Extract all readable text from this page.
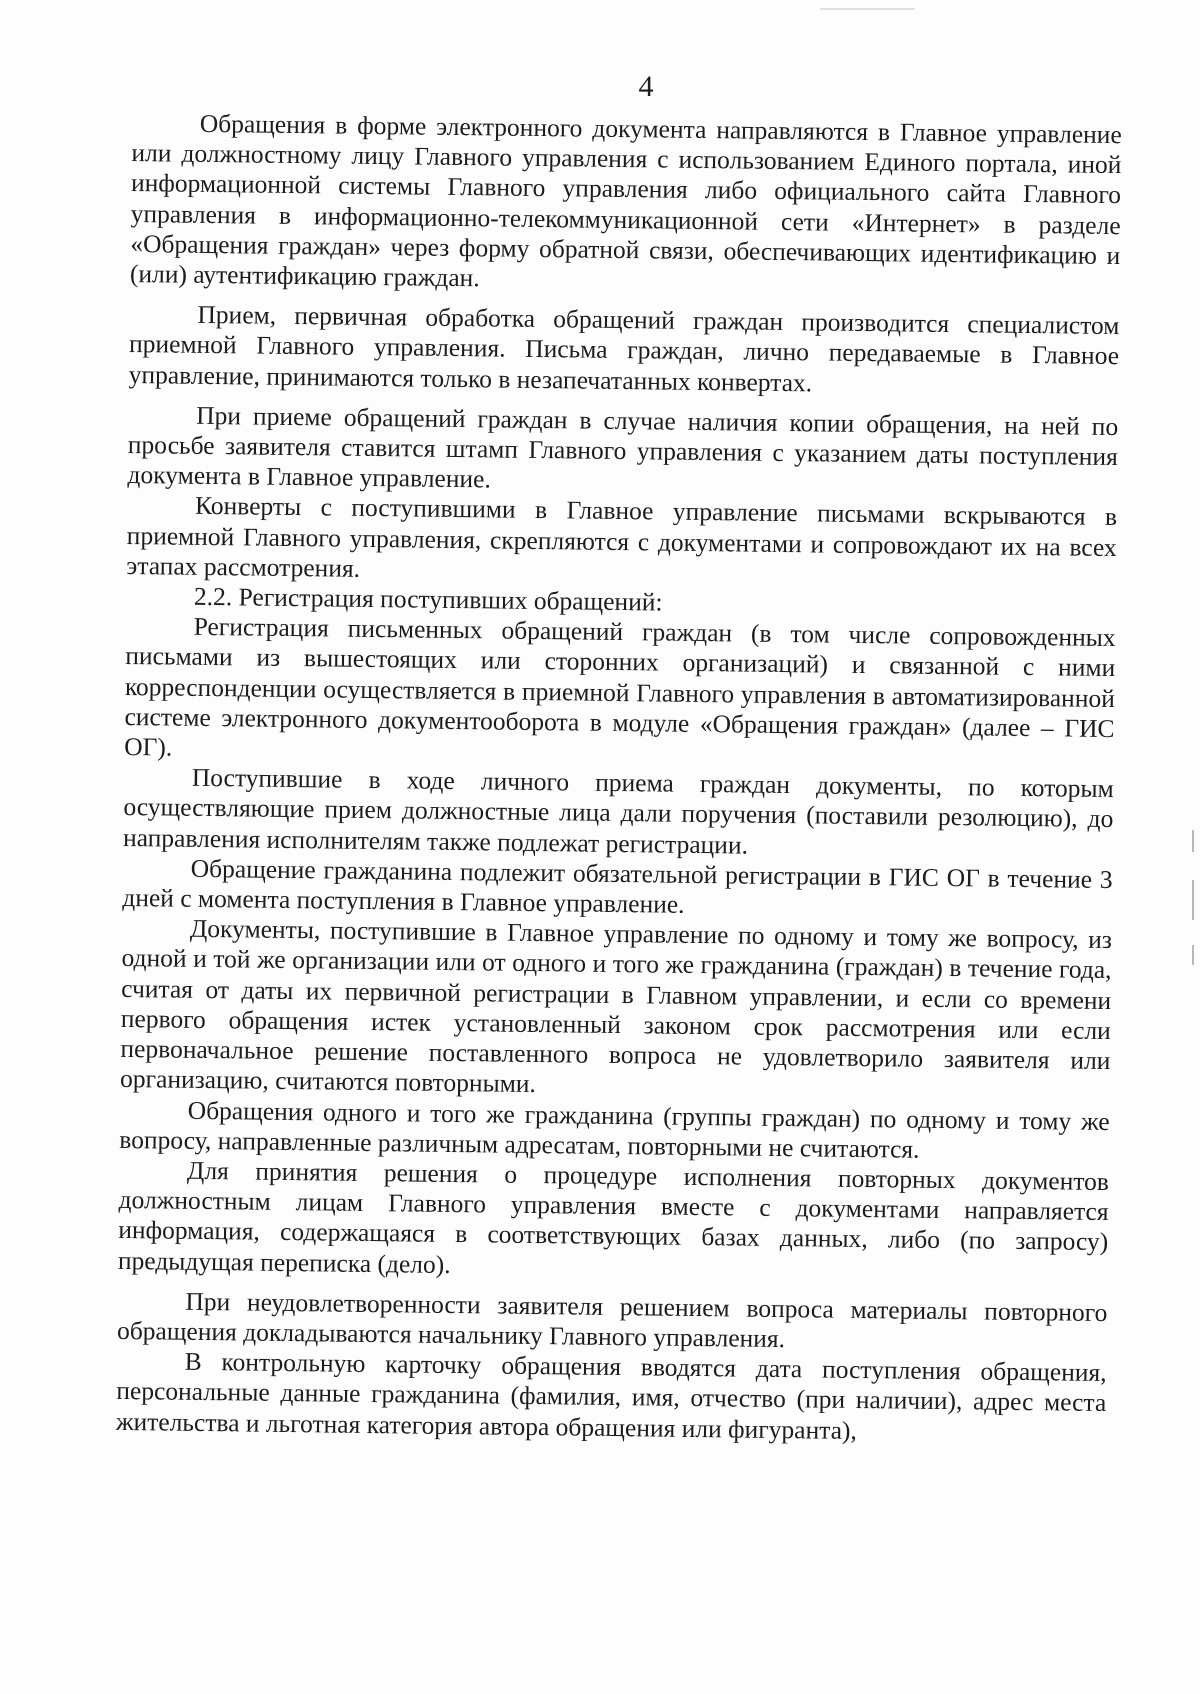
4

Обращения в форме электронного документа направляются в Главное управление или должностному лицу Главного управления с использованием Единого портала, иной информационной системы Главного управления либо официального сайта Главного управления в информационно-телекоммуникационной сети «Интернет» в разделе «Обращения граждан» через форму обратной связи, обеспечивающих идентификацию и (или) аутентификацию граждан.

Прием, первичная обработка обращений граждан производится специалистом приемной Главного управления. Письма граждан, лично передаваемые в Главное управление, принимаются только в незапечатанных конвертах.

При приеме обращений граждан в случае наличия копии обращения, на ней по просьбе заявителя ставится штамп Главного управления с указанием даты поступления документа в Главное управление.

Конверты с поступившими в Главное управление письмами вскрываются в приемной Главного управления, скрепляются с документами и сопровождают их на всех этапах рассмотрения.

2.2. Регистрация поступивших обращений:

Регистрация письменных обращений граждан (в том числе сопровожденных письмами из вышестоящих или сторонних организаций) и связанной с ними корреспонденции осуществляется в приемной Главного управления в автоматизированной системе электронного документооборота в модуле «Обращения граждан» (далее – ГИС ОГ).

Поступившие в ходе личного приема граждан документы, по которым осуществляющие прием должностные лица дали поручения (поставили резолюцию), до направления исполнителям также подлежат регистрации.

Обращение гражданина подлежит обязательной регистрации в ГИС ОГ в течение 3 дней с момента поступления в Главное управление.

Документы, поступившие в Главное управление по одному и тому же вопросу, из одной и той же организации или от одного и того же гражданина (граждан) в течение года, считая от даты их первичной регистрации в Главном управлении, и если со времени первого обращения истек установленный законом срок рассмотрения или если первоначальное решение поставленного вопроса не удовлетворило заявителя или организацию, считаются повторными.

Обращения одного и того же гражданина (группы граждан) по одному и тому же вопросу, направленные различным адресатам, повторными не считаются.

Для принятия решения о процедуре исполнения повторных документов должностным лицам Главного управления вместе с документами направляется информация, содержащаяся в соответствующих базах данных, либо (по запросу) предыдущая переписка (дело).

При неудовлетворенности заявителя решением вопроса материалы повторного обращения докладываются начальнику Главного управления.

В контрольную карточку обращения вводятся дата поступления обращения, персональные данные гражданина (фамилия, имя, отчество (при наличии), адрес места жительства и льготная категория автора обращения или фигуранта),
